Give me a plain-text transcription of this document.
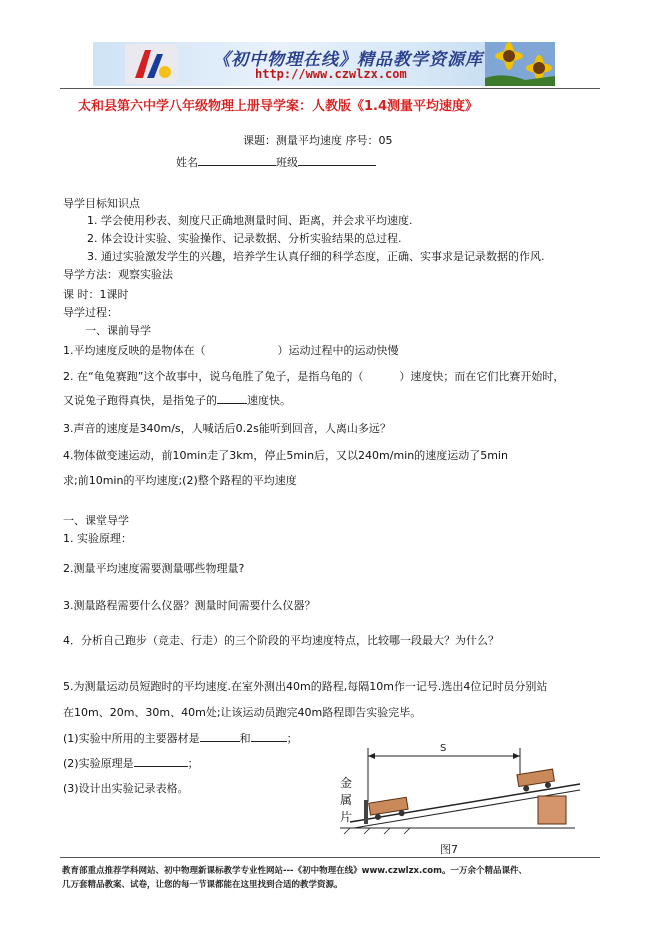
《初中物理在线》精品教学资源库
http://www.czwlzx.com
太和县第六中学八年级物理上册导学案：人教版《1.4测量平均速度》
课题：测量平均速度 序号：05
姓名	班级
导学目标知识点
1. 学会使用秒表、刻度尺正确地测量时间、距离，并会求平均速度.
2. 体会设计实验、实验操作、记录数据、分析实验结果的总过程.
3. 通过实验激发学生的兴趣，培养学生认真仔细的科学态度，正确、实事求是记录数据的作风.
导学方法：观察实验法
课 时：1课时
导学过程：
一、课前导学
1.平均速度反映的是物体在（	）运动过程中的运动快慢
2. 在“龟兔赛跑”这个故事中，说乌龟胜了兔子，是指乌龟的（	）速度快；而在它们比赛开始时，
又说兔子跑得真快，是指兔子的	速度快。
3.声音的速度是340m/s，人喊话后0.2s能听到回音，人离山多远？
4.物体做变速运动，前10min走了3km，停止5min后，又以240m/min的速度运动了5min
求;前10min的平均速度;(2)整个路程的平均速度
一、课堂导学
1. 实验原理：
2.测量平均速度需要测量哪些物理量?
3.测量路程需要什么仪器？测量时间需要什么仪器？
4．分析自己跑步（竞走、行走）的三个阶段的平均速度特点，比较哪一段最大？为什么？
5.为测量运动员短跑时的平均速度.在室外测出40m的路程,每隔10m作一记号.选出4位记时员分别站
在10m、20m、30m、40m处;让该运动员跑完40m路程即告实验完毕。
(1)实验中所用的主要器材是	和	；
(2)实验原理是	；
(3)设计出实验记录表格。
S
图7
金属片
教育部重点推荐学科网站、初中物理新课标教学专业性网站---《初中物理在线》www.czwlzx.com。一万余个精品课件、
几万套精品教案、试卷，让您的每一节课都能在这里找到合适的教学资源。
